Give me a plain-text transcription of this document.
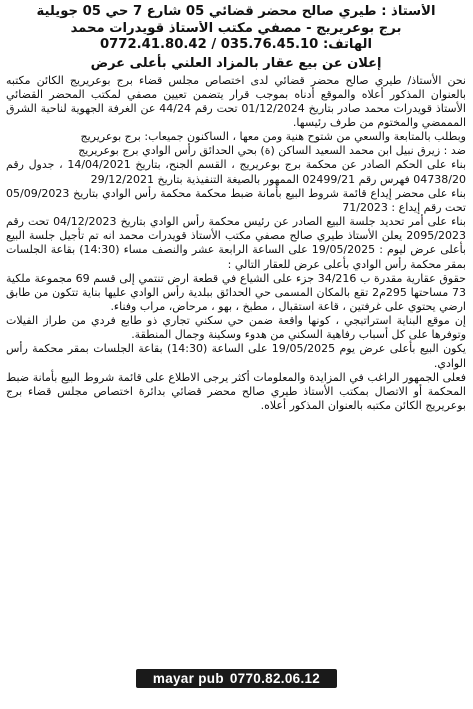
الأستاذ : طيري صالح محضر قضائي 05 شارع 7 حي 05 جويلية
برج بوعريريج - مصفي مكتب الأستاذ قويدرات محمد
الهاتف: 035.76.45.10 / 0772.41.80.42
إعلان عن بيع عقار بالمزاد العلني بأعلى عرض

نحن الأستاذ/ طيري صالح محضر قضائي لدى اختصاص مجلس قضاء برج بوعريريج الكائن مكتبه بالعنوان المذكور أعلاه والموقع أدناه بموجب قرار يتضمن تعيين مصفي لمكتب المحضر القضائي الأستاذ قويدرات محمد صادر بتاريخ 01/12/2024 تحت رقم 44/24 عن الغرفة الجهوية لناحية الشرق المممضي والمختوم من طرف رئيسها.

وبطلب بالمتابعة والسعي من شتوح هنية ومن معها ، الساكنون جميعاب: برج بوعريريج

ضد : زيرق نبيل ابن محمد السعيد الساكن (ة) بحي الحدائق رأس الوادي برج بوعريريج

بناء على الحكم الصادر عن محكمة برج بوعريريج ، القسم الجنح، بتاريخ 14/04/2021 ، جدول رقم 04738/20 فهرس رقم 02499/21 الممهور بالصيغة التنفيذية بتاريخ 29/12/2021

بناء على محضر إيداع قائمة شروط البيع بأمانة ضبط محكمة محكمة رأس الوادي بتاريخ 05/09/2023 تحت رقم إيداع : 71/2023

بناء على أمر تحديد جلسة البيع الصادر عن رئيس محكمة رأس الوادي بتاريخ 04/12/2023 تحت رقم 2095/2023 يعلن الأستاذ طيري صالح مصفي مكتب الأستاذ قويدرات محمد انه تم تأجيل جلسة البيع بأعلى عرض ليوم : 19/05/2025 على الساعة الرابعة عشر والنصف مساء (14:30) بقاعة الجلسات بمقر محكمة رأس الوادي بأعلى عرض للعقار التالي :

حقوق عقارية مقدرة ب 34/216 جزء على الشياع في قطعة ارض تنتمي إلى قسم 69 مجموعة ملكية 73 مساحتها 295م2 تقع بالمكان المسمى حي الحدائق ببلدية رأس الوادي عليها بناية تتكون من طابق ارضي يحتوي على غرفتين ، قاعة استقبال ، مطبخ ، بهو ، مرحاض، مراب وفناء.

إن موقع البناية استراتيجي ، كونها واقعة ضمن حي سكني تجاري ذو طابع فردي من طراز الفيلات وتوفرها على كل أسباب رفاهية السكني من هدوء وسكينة وجمال المنطقة.

يكون البيع بأعلى عرض يوم 19/05/2025 على الساعة (14:30) بقاعة الجلسات بمقر محكمة رأس الوادي.

فعلى الجمهور الراغب في المزايدة والمعلومات أكثر يرجى الاطلاع على قائمة شروط البيع بأمانة ضبط المحكمة أو الاتصال بمكتب الأستاذ طيري صالح محضر قضائي بدائرة اختصاص مجلس قضاء برج بوعريريج الكائن مكتبه بالعنوان المذكور أعلاه.

mayar pub 0770.82.06.12
